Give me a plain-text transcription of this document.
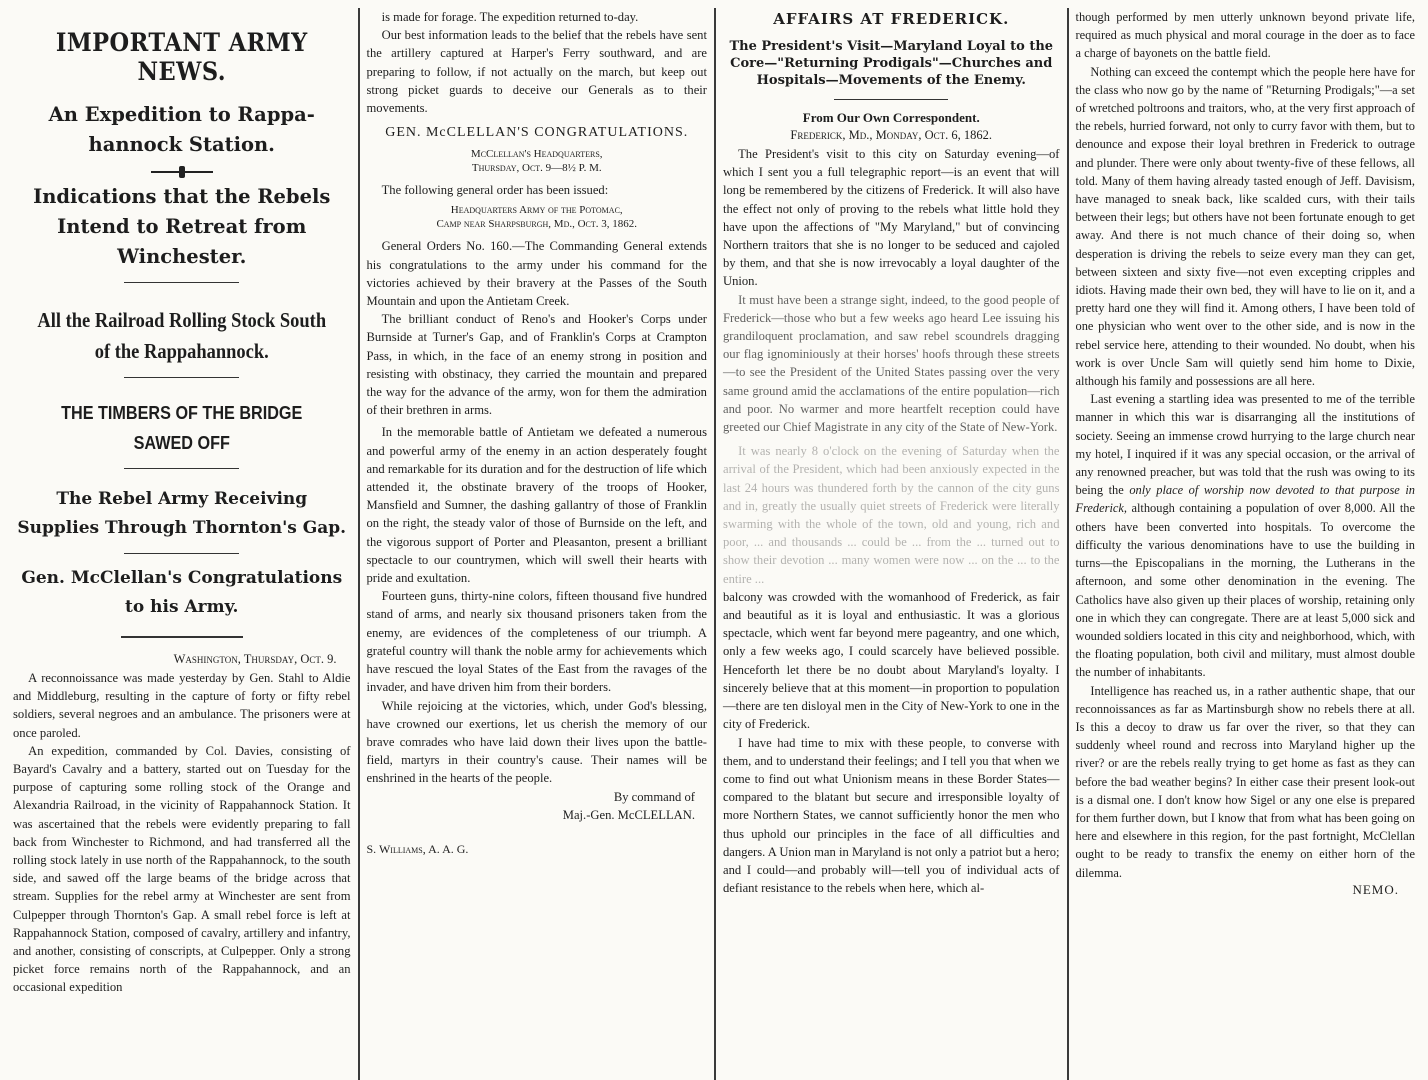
IMPORTANT ARMY NEWS.
An Expedition to Rappa-hannock Station.
Indications that the Rebels Intend to Retreat from Winchester.
All the Railroad Rolling Stock South of the Rappahannock.
THE TIMBERS OF THE BRIDGE SAWED OFF
The Rebel Army Receiving Supplies Through Thornton's Gap.
Gen. McClellan's Congratulations to his Army.
Washington, Thursday, Oct. 9.

A reconnoissance was made yesterday by Gen. Stahl to Aldie and Middleburg, resulting in the capture of forty or fifty rebel soldiers, several negroes and an ambulance. The prisoners were at once paroled.

An expedition, commanded by Col. Davies, consisting of Bayard's Cavalry and a battery, started out on Tuesday for the purpose of capturing some rolling stock of the Orange and Alexandria Railroad, in the vicinity of Rappahannock Station. It was ascertained that the rebels were evidently preparing to fall back from Winchester to Richmond, and had transferred all the rolling stock lately in use north of the Rappahannock, to the south side, and sawed off the large beams of the bridge across that stream. Supplies for the rebel army at Winchester are sent from Culpepper through Thornton's Gap. A small rebel force is left at Rappahannock Station, composed of cavalry, artillery and infantry, and another, consisting of conscripts, at Culpepper. Only a strong picket force remains north of the Rappahannock, and an occasional expedition

is made for forage. The expedition returned to-day.

Our best information leads to the belief that the rebels have sent the artillery captured at Harper's Ferry southward, and are preparing to follow, if not actually on the march, but keep out strong picket guards to deceive our Generals as to their movements.

GEN. McCLELLAN'S CONGRATULATIONS.
McClellan's Headquarters,
Thursday, Oct. 9—8½ P. M.

The following general order has been issued:

Headquarters Army of the Potomac,
Camp near Sharpsburgh, Md., Oct. 3, 1862.

General Orders No. 160.—The Commanding General extends his congratulations to the army under his command for the victories achieved by their bravery at the Passes of the South Mountain and upon the Antietam Creek.

The brilliant conduct of Reno's and Hooker's Corps under Burnside at Turner's Gap, and of Franklin's Corps at Crampton Pass, in which, in the face of an enemy strong in position and resisting with obstinacy, they carried the mountain and prepared the way for the advance of the army, won for them the admiration of their brethren in arms.

In the memorable battle of Antietam we defeated a numerous and powerful army of the enemy in an action desperately fought and remarkable for its duration and for the destruction of life which attended it, the obstinate bravery of the troops of Hooker, Mansfield and Sumner, the dashing gallantry of those of Franklin on the right, the steady valor of those of Burnside on the left, and the vigorous support of Porter and Pleasanton, present a brilliant spectacle to our countrymen, which will swell their hearts with pride and exultation.

Fourteen guns, thirty-nine colors, fifteen thousand five hundred stand of arms, and nearly six thousand prisoners taken from the enemy, are evidences of the completeness of our triumph. A grateful country will thank the noble army for achievements which have rescued the loyal States of the East from the ravages of the invader, and have driven him from their borders.

While rejoicing at the victories, which, under God's blessing, have crowned our exertions, let us cherish the memory of our brave comrades who have laid down their lives upon the battle-field, martyrs in their country's cause. Their names will be enshrined in the hearts of the people.

By command of
Maj.-Gen. McCLELLAN.
S. Williams, A. A. G.
AFFAIRS AT FREDERICK.
The President's Visit—Maryland Loyal to the Core—"Returning Prodigals"—Churches and Hospitals—Movements of the Enemy.
From Our Own Correspondent.
Frederick, Md., Monday, Oct. 6, 1862.

The President's visit to this city on Saturday evening—of which I sent you a full telegraphic report—is an event that will long be remembered by the citizens of Frederick. It will also have the effect not only of proving to the rebels what little hold they have upon the affections of "My Maryland," but of convincing Northern traitors that she is no longer to be seduced and cajoled by them, and that she is now irrevocably a loyal daughter of the Union.

It must have been a strange sight, indeed, to the good people of Frederick—those who but a few weeks ago heard Lee issuing his grandiloquent proclamation, and saw rebel scoundrels dragging our flag ignominiously at their horses' hoofs through these streets—to see the President of the United States passing over the very same ground amid the acclamations of the entire population—rich and poor. No warmer and more heartfelt reception could have greeted our Chief Magistrate in any city of the State of New-York.

It was nearly 8 o'clock on the evening of Saturday when the arrival of the President, which had been anxiously expected in the last 24 hours was thundered forth by the cannon of the city guns and in, greatly the usually quiet streets of Frederick were literally swarming with the whole of the town, old and young, rich and poor, ... and thousands ... could be ... from the ... turned out to show their devotion ... many women were now ... on the ... to the entire ...

balcony was crowded with the womanhood of Frederick, as fair and beautiful as it is loyal and enthusiastic. It was a glorious spectacle, which went far beyond mere pageantry, and one which, only a few weeks ago, I could scarcely have believed possible. Henceforth let there be no doubt about Maryland's loyalty. I sincerely believe that at this moment—in proportion to population—there are ten disloyal men in the City of New-York to one in the city of Frederick.

I have had time to mix with these people, to converse with them, and to understand their feelings; and I tell you that when we come to find out what Unionism means in these Border States—compared to the blatant but secure and irresponsible loyalty of more Northern States, we cannot sufficiently honor the men who thus uphold our principles in the face of all difficulties and dangers. A Union man in Maryland is not only a patriot but a hero; and I could—and probably will—tell you of individual acts of defiant resistance to the rebels when here, which al-

though performed by men utterly unknown beyond private life, required as much physical and moral courage in the doer as to face a charge of bayonets on the battle field.

Nothing can exceed the contempt which the people here have for the class who now go by the name of "Returning Prodigals;"—a set of wretched poltroons and traitors, who, at the very first approach of the rebels, hurried forward, not only to curry favor with them, but to denounce and expose their loyal brethren in Frederick to outrage and plunder. There were only about twenty-five of these fellows, all told. Many of them having already tasted enough of Jeff. Davisism, have managed to sneak back, like scalded curs, with their tails between their legs; but others have not been fortunate enough to get away. And there is not much chance of their doing so, when desperation is driving the rebels to seize every man they can get, between sixteen and sixty five—not even excepting cripples and idiots. Having made their own bed, they will have to lie on it, and a pretty hard one they will find it. Among others, I have been told of one physician who went over to the other side, and is now in the rebel service here, attending to their wounded. No doubt, when his work is over Uncle Sam will quietly send him home to Dixie, although his family and possessions are all here.

Last evening a startling idea was presented to me of the terrible manner in which this war is disarranging all the institutions of society. Seeing an immense crowd hurrying to the large church near my hotel, I inquired if it was any special occasion, or the arrival of any renowned preacher, but was told that the rush was owing to its being the only place of worship now devoted to that purpose in Frederick, although containing a population of over 8,000. All the others have been converted into hospitals. To overcome the difficulty the various denominations have to use the building in turns—the Episcopalians in the morning, the Lutherans in the afternoon, and some other denomination in the evening. The Catholics have also given up their places of worship, retaining only one in which they can congregate. There are at least 5,000 sick and wounded soldiers located in this city and neighborhood, which, with the floating population, both civil and military, must almost double the number of inhabitants.

Intelligence has reached us, in a rather authentic shape, that our reconnoissances as far as Martinsburgh show no rebels there at all. Is this a decoy to draw us far over the river, so that they can suddenly wheel round and recross into Maryland higher up the river? or are the rebels really trying to get home as fast as they can before the bad weather begins? In either case their present look-out is a dismal one. I don't know how Sigel or any one else is prepared for them further down, but I know that from what has been going on here and elsewhere in this region, for the past fortnight, McClellan ought to be ready to transfix the enemy on either horn of the dilemma.

NEMO.
